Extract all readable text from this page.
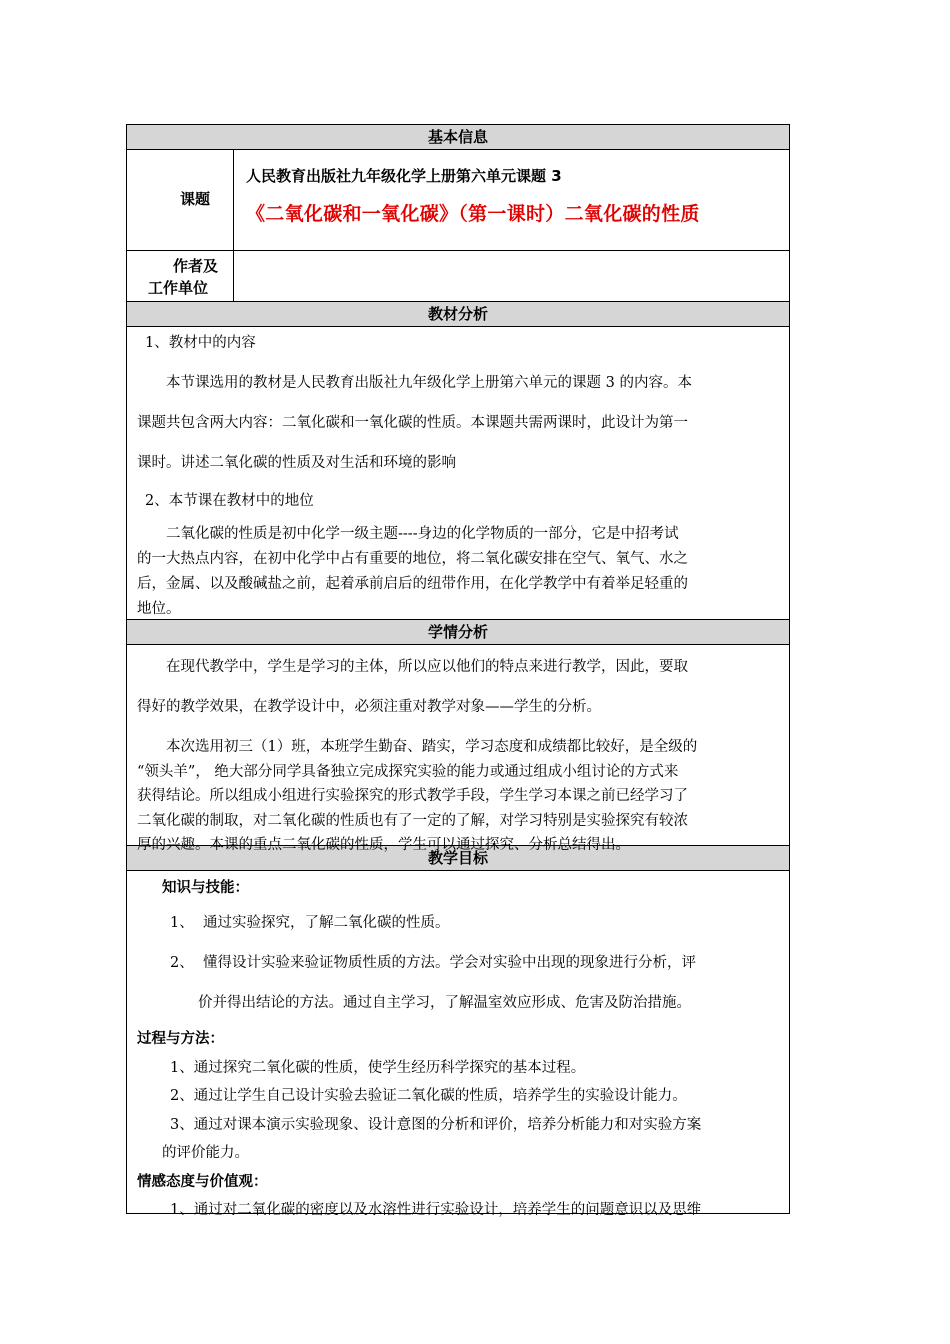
基本信息
课题
人民教育出版社九年级化学上册第六单元课题 3
《二氧化碳和一氧化碳》（第一课时）二氧化碳的性质
作者及
工作单位
教材分析

1、教材中的内容

本节课选用的教材是人民教育出版社九年级化学上册第六单元的课题 3 的内容。本

课题共包含两大内容：二氧化碳和一氧化碳的性质。本课题共需两课时，此设计为第一

课时。讲述二氧化碳的性质及对生活和环境的影响

2、本节课在教材中的地位

二氧化碳的性质是初中化学一级主题----身边的化学物质的一部分，它是中招考试

的一大热点内容，在初中化学中占有重要的地位，将二氧化碳安排在空气、氧气、水之

后，金属、以及酸碱盐之前，起着承前启后的纽带作用，在化学教学中有着举足轻重的

地位。

学情分析

在现代教学中，学生是学习的主体，所以应以他们的特点来进行教学，因此，要取

得好的教学效果，在教学设计中，必须注重对教学对象——学生的分析。

本次选用初三（1）班，本班学生勤奋、踏实，学习态度和成绩都比较好，是全级的

“领头羊”， 绝大部分同学具备独立完成探究实验的能力或通过组成小组讨论的方式来

获得结论。所以组成小组进行实验探究的形式教学手段，学生学习本课之前已经学习了

二氧化碳的制取，对二氧化碳的性质也有了一定的了解，对学习特别是实验探究有较浓

厚的兴趣。本课的重点二氧化碳的性质，学生可以通过探究、分析总结得出。

教学目标

知识与技能：

1、 通过实验探究，了解二氧化碳的性质。

2、 懂得设计实验来验证物质性质的方法。学会对实验中出现的现象进行分析，评

价并得出结论的方法。通过自主学习，了解温室效应形成、危害及防治措施。

过程与方法：

1、通过探究二氧化碳的性质，使学生经历科学探究的基本过程。

2、通过让学生自己设计实验去验证二氧化碳的性质，培养学生的实验设计能力。

3、通过对课本演示实验现象、设计意图的分析和评价，培养分析能力和对实验方案

的评价能力。

情感态度与价值观：

1、通过对二氧化碳的密度以及水溶性进行实验设计，培养学生的问题意识以及思维
